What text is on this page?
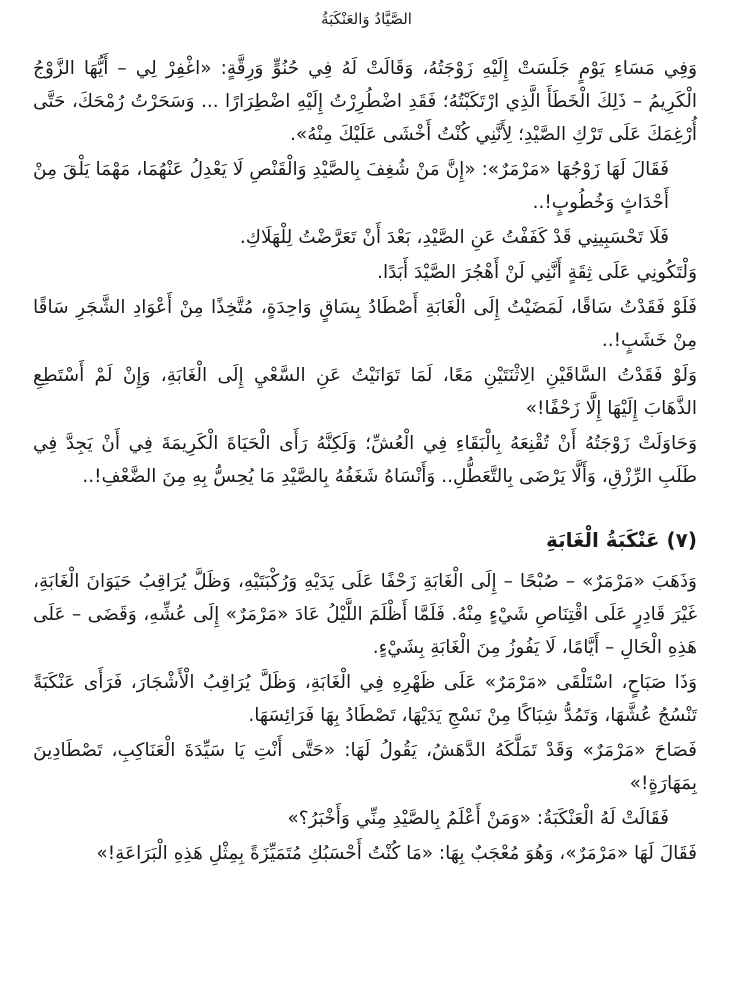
الصَّيَّادُ وَالعَنْكَبَةُ

وَفِي مَسَاءِ يَوْمٍ جَلَسَتْ إِلَيْهِ زَوْجَتُهُ، وَقَالَتْ لَهُ فِي حُنُوٍّ وَرِقَّةٍ: «اغْفِرْ لِي – أَيُّهَا الزَّوْجُ الْكَرِيمُ – ذَلِكَ الْخَطَأَ الَّذِي ارْتَكَبْتُهُ؛ فَقَدِ اضْطُرِرْتُ إِلَيْهِ اضْطِرَارًا ... وَسَحَرْتُ رُمْحَكَ، حَتَّى أُرْغِمَكَ عَلَى تَرْكِ الصَّيْدِ؛ لِأَنَّنِي كُنْتُ أَخْشَى عَلَيْكَ مِنْهُ».

فَقَالَ لَهَا زَوْجُهَا «مَرْمَرٌ»: «إِنَّ مَنْ شُغِفَ بِالصَّيْدِ وَالْقَنْصِ لَا يَعْدِلُ عَنْهُمَا، مَهْمَا يَلْقَ مِنْ أَحْدَاثٍ وَخُطُوبٍ!..

فَلَا تَحْسَبِينِي قَدْ كَفَفْتُ عَنِ الصَّيْدِ، بَعْدَ أَنْ تَعَرَّضْتُ لِلْهَلَاكِ.

وَلْتَكُونِي عَلَى ثِقَةٍ أَنَّنِي لَنْ أَهْجُرَ الصَّيْدَ أَبَدًا.

فَلَوْ فَقَدْتُ سَاقًا، لَمَضَيْتُ إِلَى الْغَابَةِ أَصْطَادُ بِسَاقٍ وَاحِدَةٍ، مُتَّخِذًا مِنْ أَعْوَادِ الشَّجَرِ سَاقًا مِنْ خَشَبٍ!..

وَلَوْ فَقَدْتُ السَّاقَيْنِ الِاثْنَتَيْنِ مَعًا، لَمَا تَوَانَيْتُ عَنِ السَّعْيِ إِلَى الْغَابَةِ، وَإِنْ لَمْ أَسْتَطِعِ الذَّهَابَ إِلَيْهَا إِلَّا زَحْفًا!»

وَحَاوَلَتْ زَوْجَتُهُ أَنْ تُقْنِعَهُ بِالْبَقَاءِ فِي الْعُشِّ؛ وَلَكِنَّهُ رَأَى الْحَيَاةَ الْكَرِيمَةَ فِي أَنْ يَجِدَّ فِي طَلَبِ الرِّزْقِ، وَأَلَّا يَرْضَى بِالتَّعَطُّلِ.. وَأَنْسَاهُ شَغَفُهُ بِالصَّيْدِ مَا يُحِسُّ بِهِ مِنَ الضَّعْفِ!..

(٧) عَنْكَبَةُ الْغَابَةِ

وَذَهَبَ «مَرْمَرٌ» – صُبْحًا – إِلَى الْغَابَةِ زَحْفًا عَلَى يَدَيْهِ وَرُكْبَتَيْهِ، وَظَلَّ يُرَاقِبُ حَيَوَانَ الْغَابَةِ، غَيْرَ قَادِرٍ عَلَى اقْتِنَاصِ شَيْءٍ مِنْهُ. فَلَمَّا أَظْلَمَ اللَّيْلُ عَادَ «مَرْمَرٌ» إِلَى عُشِّهِ، وَقَضَى – عَلَى هَذِهِ الْحَالِ – أَيَّامًا، لَا يَفُوزُ مِنَ الْغَابَةِ بِشَيْءٍ.

وَذَا صَبَاحٍ، اسْتَلْقَى «مَرْمَرٌ» عَلَى ظَهْرِهِ فِي الْغَابَةِ، وَظَلَّ يُرَاقِبُ الْأَشْجَارَ، فَرَأَى عَنْكَبَةً تَنْسُجُ عُشَّهَا، وَتَمُدُّ شِبَاكًا مِنْ نَسْجِ يَدَيْهَا، تَصْطَادُ بِهَا فَرَائِسَهَا.

فَصَاحَ «مَرْمَرٌ» وَقَدْ تَمَلَّكَهُ الدَّهَشُ، يَقُولُ لَهَا: «حَتَّى أَنْتِ يَا سَيِّدَةَ الْعَنَاكِبِ، تَصْطَادِينَ بِمَهَارَةٍ!»

فَقَالَتْ لَهُ الْعَنْكَبَةُ: «وَمَنْ أَعْلَمُ بِالصَّيْدِ مِنِّي وَأَخْبَرُ؟»

فَقَالَ لَهَا «مَرْمَرٌ»، وَهُوَ مُعْجَبٌ بِهَا: «مَا كُنْتُ أَحْسَبُكِ مُتَمَيِّزَةً بِمِثْلِ هَذِهِ الْبَرَاعَةِ!»
